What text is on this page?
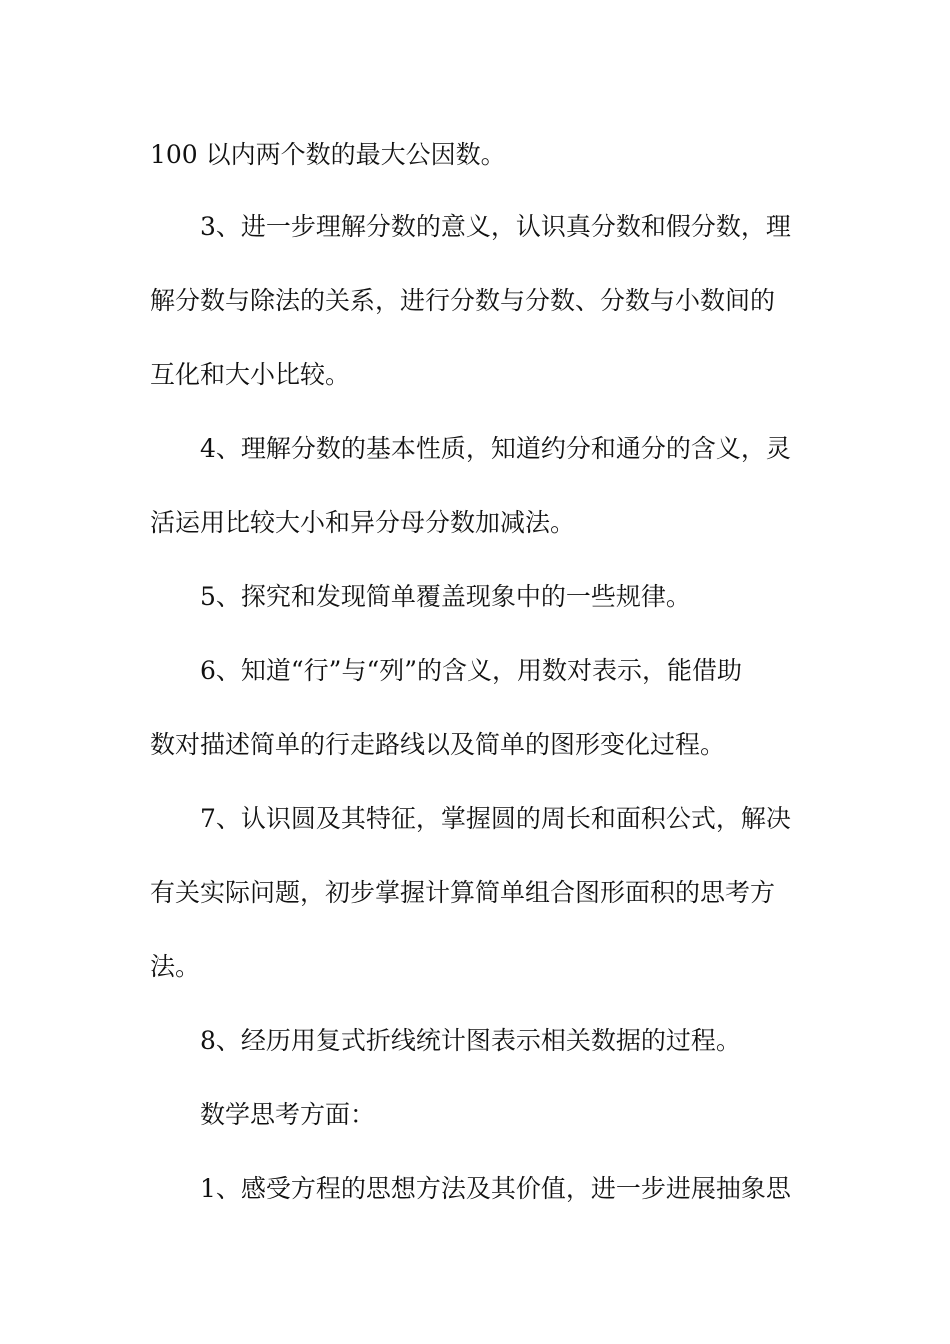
100 以内两个数的最大公因数。

3、进一步理解分数的意义，认识真分数和假分数，理

解分数与除法的关系，进行分数与分数、分数与小数间的

互化和大小比较。

4、理解分数的基本性质，知道约分和通分的含义，灵

活运用比较大小和异分母分数加减法。

5、探究和发现简单覆盖现象中的一些规律。

6、知道“行”与“列”的含义，用数对表示，能借助

数对描述简单的行走路线以及简单的图形变化过程。

7、认识圆及其特征，掌握圆的周长和面积公式，解决

有关实际问题，初步掌握计算简单组合图形面积的思考方

法。

8、经历用复式折线统计图表示相关数据的过程。

数学思考方面：

1、感受方程的思想方法及其价值，进一步进展抽象思
